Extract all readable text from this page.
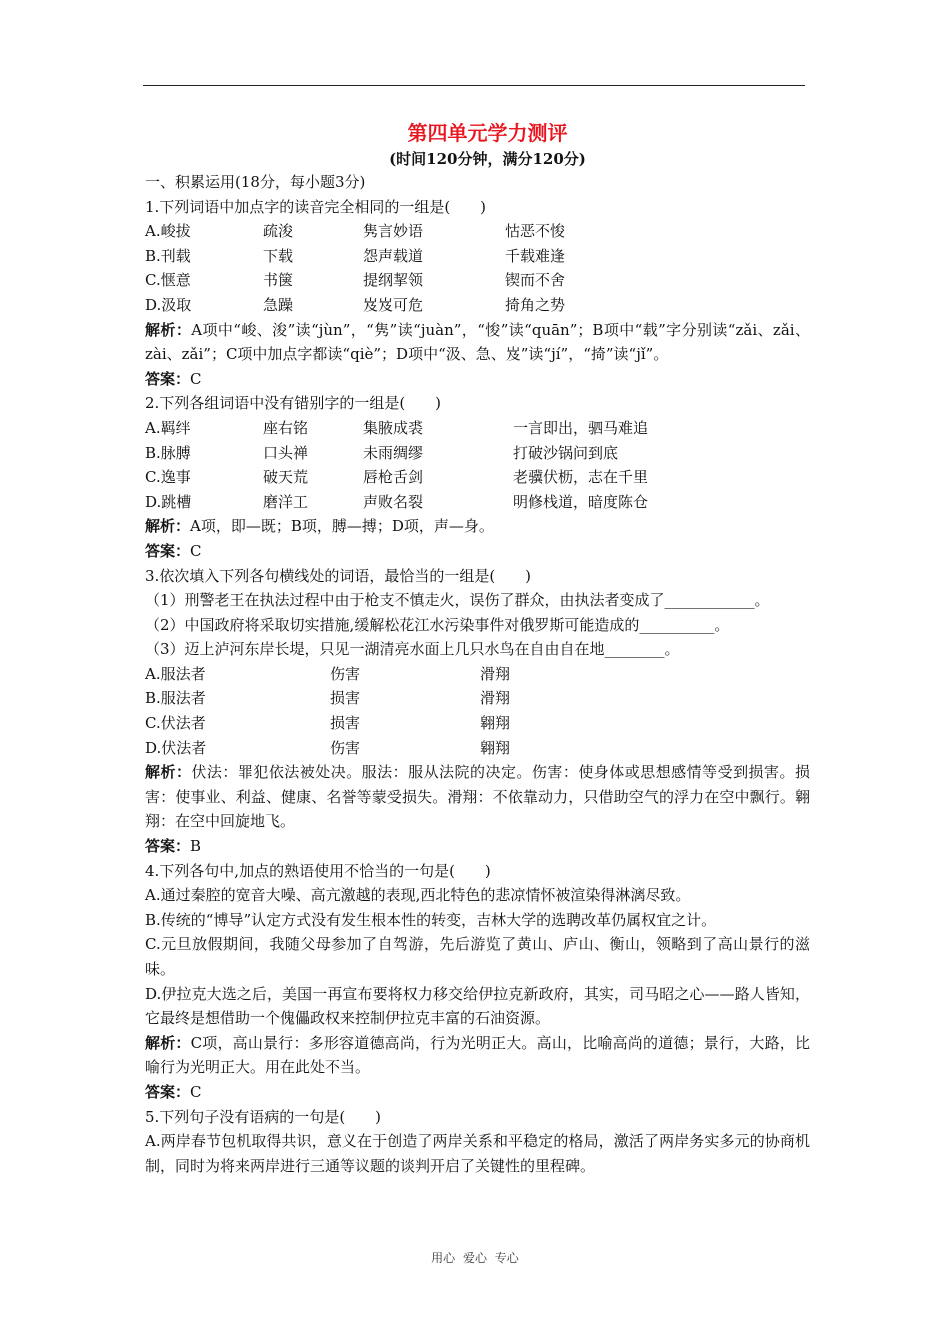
第四单元学力测评
(时间120分钟，满分120分)
一、积累运用(18分，每小题3分)
1.下列词语中加点字的读音完全相同的一组是(　　)
A.峻拔	疏浚	隽言妙语	怙恶不悛
B.刊载	下载	怨声载道	千载难逢
C.惬意	书箧	提纲挈领	锲而不舍
D.汲取	急躁	岌岌可危	掎角之势
解析：A项中“峻、浚”读“jùn”，“隽”读“juàn”，“悛”读“quān”；B项中“载”字分别读“zǎi、zǎi、zài、zǎi”；C项中加点字都读“qiè”；D项中“汲、急、岌”读“jí”，“掎”读“jǐ”。
答案：C
2.下列各组词语中没有错别字的一组是(　　)
A.羁绊	座右铭	集腋成裘	一言即出，驷马难追
B.脉膊	口头禅	未雨绸缪	打破沙锅问到底
C.逸事	破天荒	唇枪舌剑	老骥伏枥，志在千里
D.跳槽	磨洋工	声败名裂	明修栈道，暗度陈仓
解析：A项，即—既；B项，膊—搏；D项，声—身。
答案：C
3.依次填入下列各句横线处的词语，最恰当的一组是(　　)
（1）刑警老王在执法过程中由于枪支不慎走火，误伤了群众，由执法者变成了____________。
（2）中国政府将采取切实措施,缓解松花江水污染事件对俄罗斯可能造成的__________。
（3）迈上泸河东岸长堤，只见一湖清亮水面上几只水鸟在自由自在地________。
A.服法者	伤害	滑翔
B.服法者	损害	滑翔
C.伏法者	损害	翱翔
D.伏法者	伤害	翱翔
解析：伏法：罪犯依法被处决。服法：服从法院的决定。伤害：使身体或思想感情等受到损害。损害：使事业、利益、健康、名誉等蒙受损失。滑翔：不依靠动力，只借助空气的浮力在空中飘行。翱翔：在空中回旋地飞。
答案：B
4.下列各句中,加点的熟语使用不恰当的一句是(　　)
A.通过秦腔的宽音大噪、高亢激越的表现,西北特色的悲凉情怀被渲染得淋漓尽致。
B.传统的“博导”认定方式没有发生根本性的转变，吉林大学的选聘改革仍属权宜之计。
C.元旦放假期间，我随父母参加了自驾游，先后游览了黄山、庐山、衡山，领略到了高山景行的滋味。
D.伊拉克大选之后，美国一再宣布要将权力移交给伊拉克新政府，其实，司马昭之心——路人皆知，它最终是想借助一个傀儡政权来控制伊拉克丰富的石油资源。
解析：C项，高山景行：多形容道德高尚，行为光明正大。高山，比喻高尚的道德；景行，大路，比喻行为光明正大。用在此处不当。
答案：C
5.下列句子没有语病的一句是(　　)
A.两岸春节包机取得共识，意义在于创造了两岸关系和平稳定的格局，激活了两岸务实多元的协商机制，同时为将来两岸进行三通等议题的谈判开启了关键性的里程碑。
用心 爱心 专心
